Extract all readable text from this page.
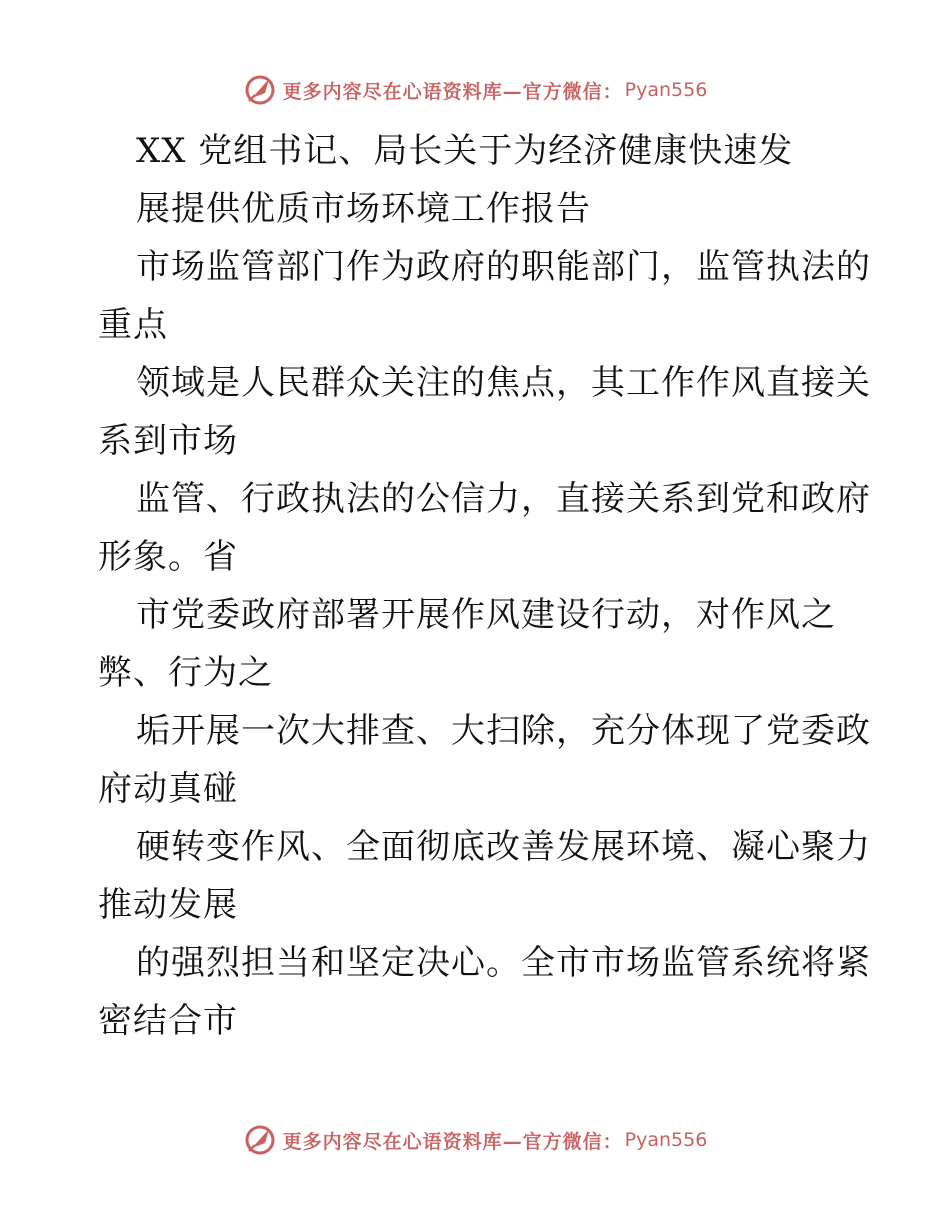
更多内容尽在心语资料库—官方微信： Pyan556
XX 党组书记、局长关于为经济健康快速发
展提供优质市场环境工作报告
市场监管部门作为政府的职能部门，监管执法的
重点
领域是人民群众关注的焦点，其工作作风直接关
系到市场
监管、行政执法的公信力，直接关系到党和政府
形象。省
市党委政府部署开展作风建设行动，对作风之
弊、行为之
垢开展一次大排查、大扫除，充分体现了党委政
府动真碰
硬转变作风、全面彻底改善发展环境、凝心聚力
推动发展
的强烈担当和坚定决心。全市市场监管系统将紧
密结合市
更多内容尽在心语资料库—官方微信： Pyan556
